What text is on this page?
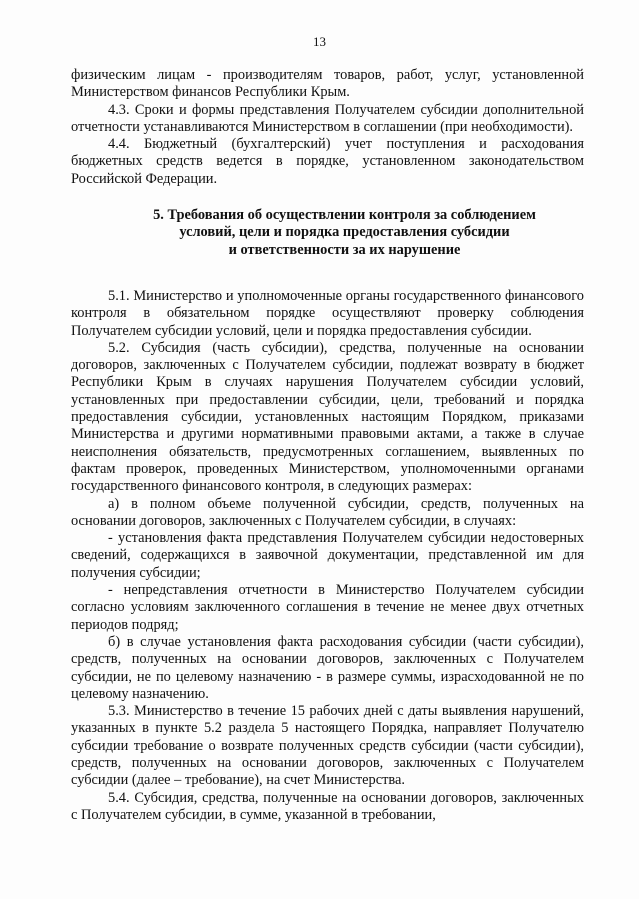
13

физическим лицам - производителям товаров, работ, услуг, установленной Министерством финансов Республики Крым.

4.3. Сроки и формы представления Получателем субсидии дополнительной отчетности устанавливаются Министерством в соглашении (при необходимости).

4.4. Бюджетный (бухгалтерский) учет поступления и расходования бюджетных средств ведется в порядке, установленном законодательством Российской Федерации.

5. Требования об осуществлении контроля за соблюдением
условий, цели и порядка предоставления субсидии
и ответственности за их нарушение

5.1. Министерство и уполномоченные органы государственного финансового контроля в обязательном порядке осуществляют проверку соблюдения Получателем субсидии условий, цели и порядка предоставления субсидии.

5.2. Субсидия (часть субсидии), средства, полученные на основании договоров, заключенных с Получателем субсидии, подлежат возврату в бюджет Республики Крым в случаях нарушения Получателем субсидии условий, установленных при предоставлении субсидии, цели, требований и порядка предоставления субсидии, установленных настоящим Порядком, приказами Министерства и другими нормативными правовыми актами, а также в случае неисполнения обязательств, предусмотренных соглашением, выявленных по фактам проверок, проведенных Министерством, уполномоченными органами государственного финансового контроля, в следующих размерах:

а) в полном объеме полученной субсидии, средств, полученных на основании договоров, заключенных с Получателем субсидии, в случаях:

- установления факта представления Получателем субсидии недостоверных сведений, содержащихся в заявочной документации, представленной им для получения субсидии;

- непредставления отчетности в Министерство Получателем субсидии согласно условиям заключенного соглашения в течение не менее двух отчетных периодов подряд;

б) в случае установления факта расходования субсидии (части субсидии), средств, полученных на основании договоров, заключенных с Получателем субсидии, не по целевому назначению - в размере суммы, израсходованной не по целевому назначению.

5.3. Министерство в течение 15 рабочих дней с даты выявления нарушений, указанных в пункте 5.2 раздела 5 настоящего Порядка, направляет Получателю субсидии требование о возврате полученных средств субсидии (части субсидии), средств, полученных на основании договоров, заключенных с Получателем субсидии (далее – требование), на счет Министерства.

5.4. Субсидия, средства, полученные на основании договоров, заключенных с Получателем субсидии, в сумме, указанной в требовании,
